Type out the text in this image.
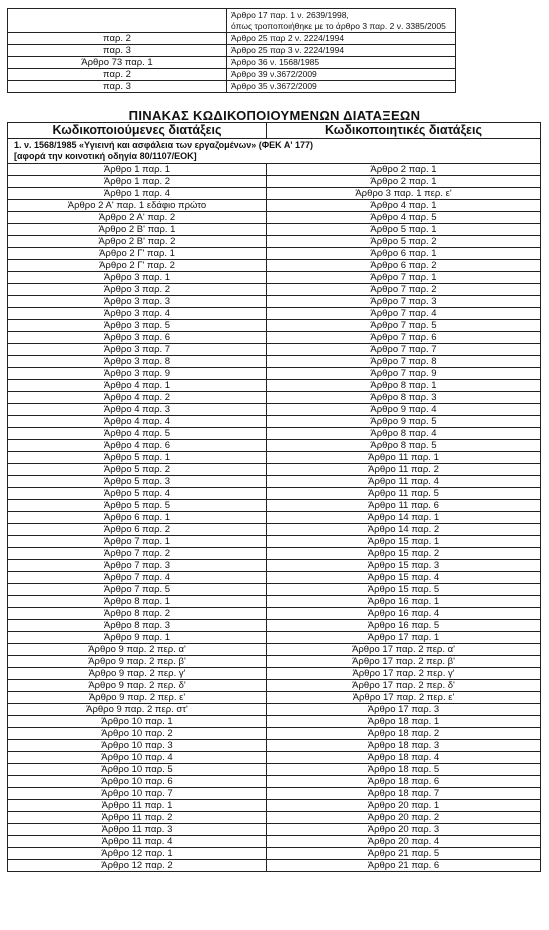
	Άρθρο 17 παρ. 1 ν. 2639/1998,
όπως τροποποιήθηκε με το άρθρο 3 παρ. 2 ν. 3385/2005

παρ. 2	Άρθρο 25 παρ 2 ν. 2224/1994

παρ. 3	Άρθρο 25 παρ 3 ν. 2224/1994

Άρθρο 73 παρ. 1	Άρθρο 36 ν. 1568/1985

παρ. 2	Άρθρο 39 ν.3672/2009

παρ. 3	Άρθρο 35 ν.3672/2009
ΠΙΝΑΚΑΣ ΚΩΔΙΚΟΠΟΙΟΥΜΕΝΩΝ ΔΙΑΤΑΞΕΩΝ
Κωδικοποιούμενες διατάξεις	Κωδικοποιητικές διατάξεις

1. ν. 1568/1985 «Υγιεινή και ασφάλεια των εργαζομένων» (ΦΕΚ Α' 177)
[αφορά την κοινοτική οδηγία 80/1107/ΕΟΚ]	

Άρθρο 1 παρ. 1	Άρθρο 2 παρ. 1
Άρθρο 1 παρ. 2	Άρθρο 2 παρ. 1
Άρθρο 1 παρ. 4	Άρθρο 3 παρ. 1 περ. ε'
Άρθρο 2 Α' παρ. 1 εδάφιο πρώτο	Άρθρο 4 παρ. 1
Άρθρο 2 Α' παρ. 2	Άρθρο 4 παρ. 5
Άρθρο 2 Β' παρ. 1	Άρθρο 5 παρ. 1
Άρθρο 2 Β' παρ. 2	Άρθρο 5 παρ. 2
Άρθρο 2 Γ' παρ. 1	Άρθρο 6 παρ. 1
Άρθρο 2 Γ' παρ. 2	Άρθρο 6 παρ. 2
Άρθρο 3 παρ. 1	Άρθρο 7 παρ. 1
Άρθρο 3 παρ. 2	Άρθρο 7 παρ. 2
Άρθρο 3 παρ. 3	Άρθρο 7 παρ. 3
Άρθρο 3 παρ. 4	Άρθρο 7 παρ. 4
Άρθρο 3 παρ. 5	Άρθρο 7 παρ. 5
Άρθρο 3 παρ. 6	Άρθρο 7 παρ. 6
Άρθρο 3 παρ. 7	Άρθρο 7 παρ. 7
Άρθρο 3 παρ. 8	Άρθρο 7 παρ. 8
Άρθρο 3 παρ. 9	Άρθρο 7 παρ. 9
Άρθρο 4 παρ. 1	Άρθρο 8 παρ. 1
Άρθρο 4 παρ. 2	Άρθρο 8 παρ. 3
Άρθρο 4 παρ. 3	Άρθρο 9 παρ. 4
Άρθρο 4 παρ. 4	Άρθρο 9 παρ. 5
Άρθρο 4 παρ. 5	Άρθρο 8 παρ. 4
Άρθρο 4 παρ. 6	Άρθρο 8 παρ. 5
Άρθρο 5 παρ. 1	Άρθρο 11 παρ. 1
Άρθρο 5 παρ. 2	Άρθρο 11 παρ. 2
Άρθρο 5 παρ. 3	Άρθρο 11 παρ. 4
Άρθρο 5 παρ. 4	Άρθρο 11 παρ. 5
Άρθρο 5 παρ. 5	Άρθρο 11 παρ. 6
Άρθρο 6 παρ. 1	Άρθρο 14 παρ. 1
Άρθρο 6 παρ. 2	Άρθρο 14 παρ. 2
Άρθρο 7 παρ. 1	Άρθρο 15 παρ. 1
Άρθρο 7 παρ. 2	Άρθρο 15 παρ. 2
Άρθρο 7 παρ. 3	Άρθρο 15 παρ. 3
Άρθρο 7 παρ. 4	Άρθρο 15 παρ. 4
Άρθρο 7 παρ. 5	Άρθρο 15 παρ. 5
Άρθρο 8 παρ. 1	Άρθρο 16 παρ. 1
Άρθρο 8 παρ. 2	Άρθρο 16 παρ. 4
Άρθρο 8 παρ. 3	Άρθρο 16 παρ. 5
Άρθρο 9 παρ. 1	Άρθρο 17 παρ. 1
Άρθρο 9 παρ. 2 περ. α'	Άρθρο 17 παρ. 2 περ. α'
Άρθρο 9 παρ. 2 περ. β'	Άρθρο 17 παρ. 2 περ. β'
Άρθρο 9 παρ. 2 περ. γ'	Άρθρο 17 παρ. 2 περ. γ'
Άρθρο 9 παρ. 2 περ. δ'	Άρθρο 17 παρ. 2 περ. δ'
Άρθρο 9 παρ. 2 περ. ε'	Άρθρο 17 παρ. 2 περ. ε'
Άρθρο 9 παρ. 2 περ. στ'	Άρθρο 17 παρ. 3
Άρθρο 10 παρ. 1	Άρθρο 18 παρ. 1
Άρθρο 10 παρ. 2	Άρθρο 18 παρ. 2
Άρθρο 10 παρ. 3	Άρθρο 18 παρ. 3
Άρθρο 10 παρ. 4	Άρθρο 18 παρ. 4
Άρθρο 10 παρ. 5	Άρθρο 18 παρ. 5
Άρθρο 10 παρ. 6	Άρθρο 18 παρ. 6
Άρθρο 10 παρ. 7	Άρθρο 18 παρ. 7
Άρθρο 11 παρ. 1	Άρθρο 20 παρ. 1
Άρθρο 11 παρ. 2	Άρθρο 20 παρ. 2
Άρθρο 11 παρ. 3	Άρθρο 20 παρ. 3
Άρθρο 11 παρ. 4	Άρθρο 20 παρ. 4
Άρθρο 12 παρ. 1	Άρθρο 21 παρ. 5
Άρθρο 12 παρ. 2	Άρθρο 21 παρ. 6
